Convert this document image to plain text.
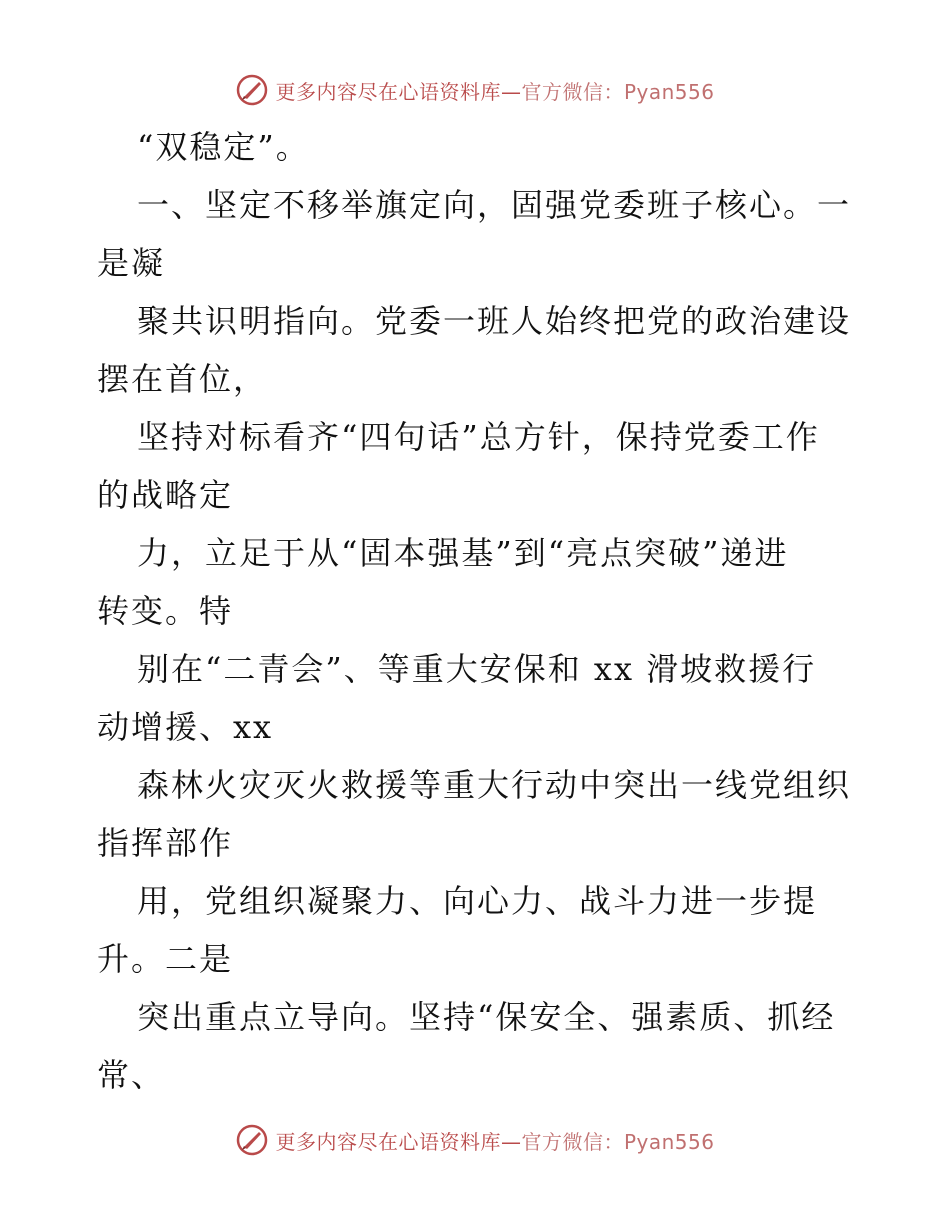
更多内容尽在心语资料库—官方微信：Pyan556
“双稳定”。
一、坚定不移举旗定向，固强党委班子核心。一
是凝
聚共识明指向。党委一班人始终把党的政治建设
摆在首位，
坚持对标看齐“四句话”总方针，保持党委工作
的战略定
力，立足于从“固本强基”到“亮点突破”递进
转变。特
别在“二青会”、等重大安保和 xx 滑坡救援行
动增援、xx
森林火灾灭火救援等重大行动中突出一线党组织
指挥部作
用，党组织凝聚力、向心力、战斗力进一步提
升。二是
突出重点立导向。坚持“保安全、强素质、抓经
常、
更多内容尽在心语资料库—官方微信：Pyan556
